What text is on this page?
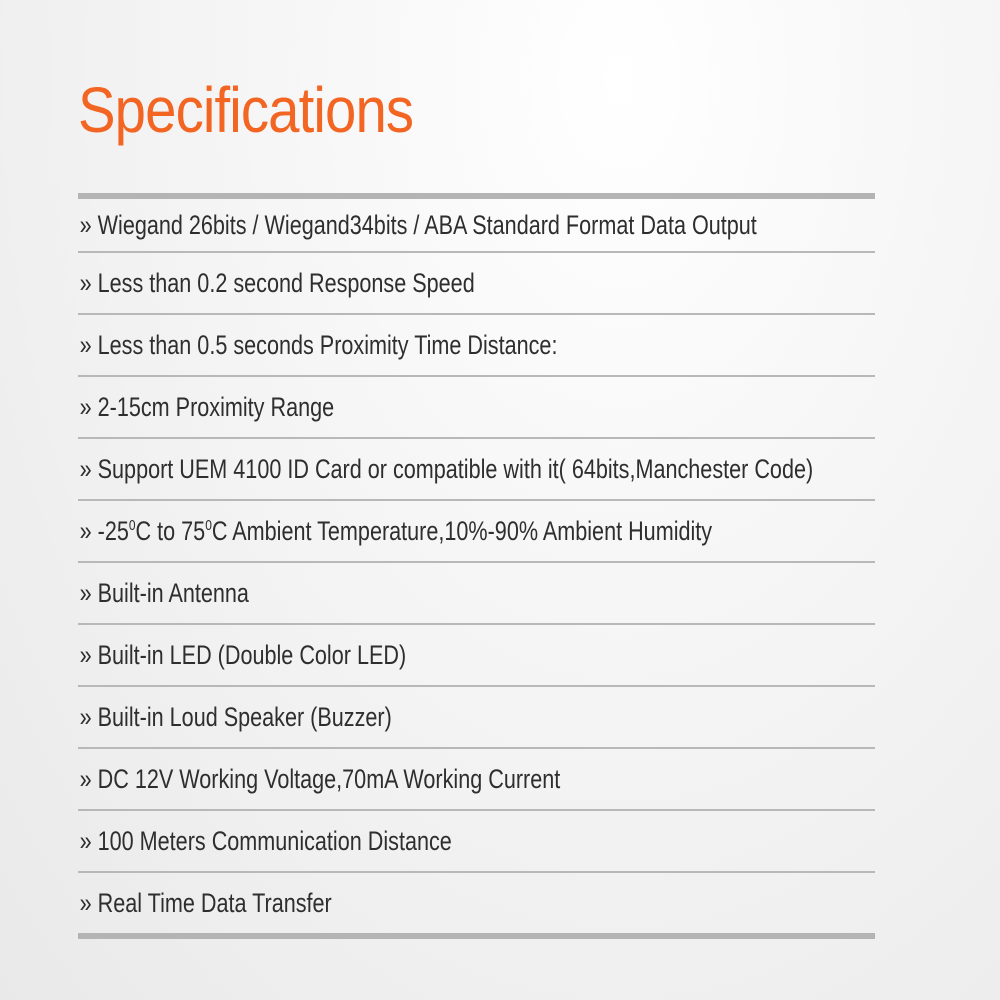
Specifications
» Wiegand 26bits / Wiegand34bits / ABA Standard Format Data Output
» Less than 0.2 second Response Speed
» Less than 0.5 seconds Proximity Time Distance:
» 2-15cm Proximity Range
» Support UEM 4100 ID Card or compatible with it( 64bits,Manchester Code)
» $-25^0C$ to $75^0C$ Ambient Temperature,10%-90% Ambient Humidity
» Built-in Antenna
» Built-in LED (Double Color LED)
» Built-in Loud Speaker (Buzzer)
» DC 12V Working Voltage,70mA Working Current
» 100 Meters Communication Distance
» Real Time Data Transfer
